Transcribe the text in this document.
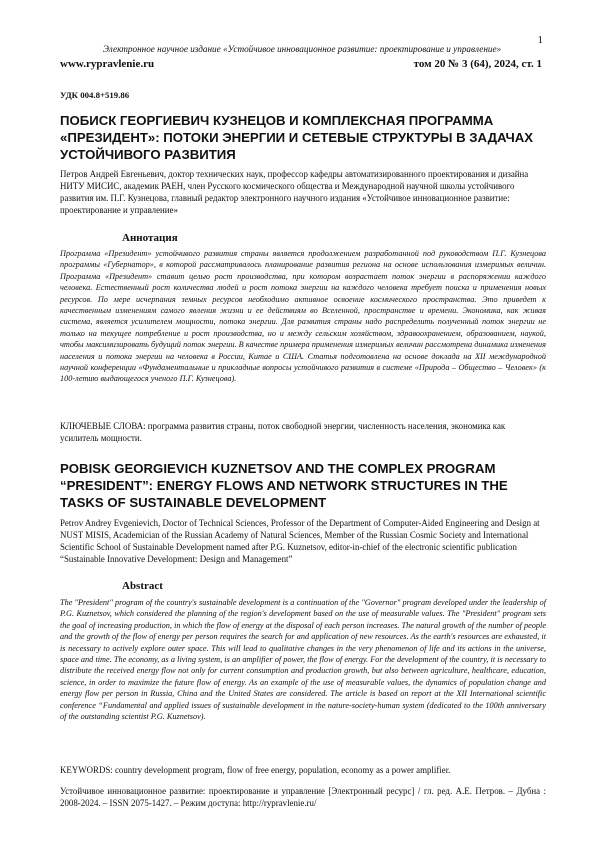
1
Электронное научное издание «Устойчивое инновационное развитие: проектирование и управление»
www.rypravlenie.ru	том 20 № 3 (64), 2024, ст. 1
УДК 004.8+519.86
ПОБИСК ГЕОРГИЕВИЧ КУЗНЕЦОВ И КОМПЛЕКСНАЯ ПРОГРАММА «ПРЕЗИДЕНТ»: ПОТОКИ ЭНЕРГИИ И СЕТЕВЫЕ СТРУКТУРЫ В ЗАДАЧАХ УСТОЙЧИВОГО РАЗВИТИЯ
Петров Андрей Евгеньевич, доктор технических наук, профессор кафедры автоматизированного проектирования и дизайна НИТУ МИСИС, академик РАЕН, член Русского космического общества и Международной научной школы устойчивого развития им. П.Г. Кузнецова, главный редактор электронного научного издания «Устойчивое инновационное развитие: проектирование и управление»
Аннотация
Программа «Президент» устойчивого развития страны является продолжением разработанной под руководством П.Г. Кузнецова программы «Губернатор», в которой рассматривалось планирование развития региона на основе использования измеримых величин. Программа «Президент» ставит целью рост производства, при котором возрастает поток энергии в распоряжении каждого человека. Естественный рост количества людей и рост потока энергии на каждого человека требует поиска и применения новых ресурсов. По мере исчерпания земных ресурсов необходимо активное освоение космического пространства. Это приведет к качественным изменениям самого явления жизни и ее действиям во Вселенной, пространстве и времени. Экономика, как живая система, является усилителем мощности, потока энергии. Для развития страны надо распределить полученный поток энергии не только на текущее потребление и рост производства, но и между сельским хозяйством, здравоохранением, образованием, наукой, чтобы максимизировать будущий поток энергии. В качестве примера применения измеримых величин рассмотрена динамика изменения населения и потока энергии на человека в России, Китае и США. Статья подготовлена на основе доклада на XII международной научной конференции «Фундаментальные и прикладные вопросы устойчивого развития в системе «Природа – Общество – Человек» (к 100-летию выдающегося ученого П.Г. Кузнецова).
КЛЮЧЕВЫЕ СЛОВА: программа развития страны, поток свободной энергии, численность населения, экономика как усилитель мощности.
POBISK GEORGIEVICH KUZNETSOV AND THE COMPLEX PROGRAM “PRESIDENT”: ENERGY FLOWS AND NETWORK STRUCTURES IN THE TASKS OF SUSTAINABLE DEVELOPMENT
Petrov Andrey Evgenievich, Doctor of Technical Sciences, Professor of the Department of Computer-Aided Engineering and Design at NUST MISIS, Academician of the Russian Academy of Natural Sciences, Member of the Russian Cosmic Society and International Scientific School of Sustainable Development named after P.G. Kuznetsov, editor-in-chief of the electronic scientific publication “Sustainable Innovative Development: Design and Management”
Abstract
The "President" program of the country's sustainable development is a continuation of the "Governor" program developed under the leadership of P.G. Kuznetsov, which considered the planning of the region's development based on the use of measurable values. The "President" program sets the goal of increasing production, in which the flow of energy at the disposal of each person increases. The natural growth of the number of people and the growth of the flow of energy per person requires the search for and application of new resources. As the earth's resources are exhausted, it is necessary to actively explore outer space. This will lead to qualitative changes in the very phenomenon of life and its actions in the universe, space and time. The economy, as a living system, is an amplifier of power, the flow of energy. For the development of the country, it is necessary to distribute the received energy flow not only for current consumption and production growth, but also between agriculture, healthcare, education, science, in order to maximize the future flow of energy. As an example of the use of measurable values, the dynamics of population change and energy flow per person in Russia, China and the United States are considered. The article is based on report at the XII International scientific conference “Fundamental and applied issues of sustainable development in the nature-society-human system (dedicated to the 100th anniversary of the outstanding scientist P.G. Kuznetsov).
KEYWORDS: country development program, flow of free energy, population, economy as a power amplifier.
Устойчивое инновационное развитие: проектирование и управление [Электронный ресурс] / гл. ред. А.Е. Петров. – Дубна : 2008-2024. – ISSN 2075-1427. – Режим доступа: http://rypravlenie.ru/
